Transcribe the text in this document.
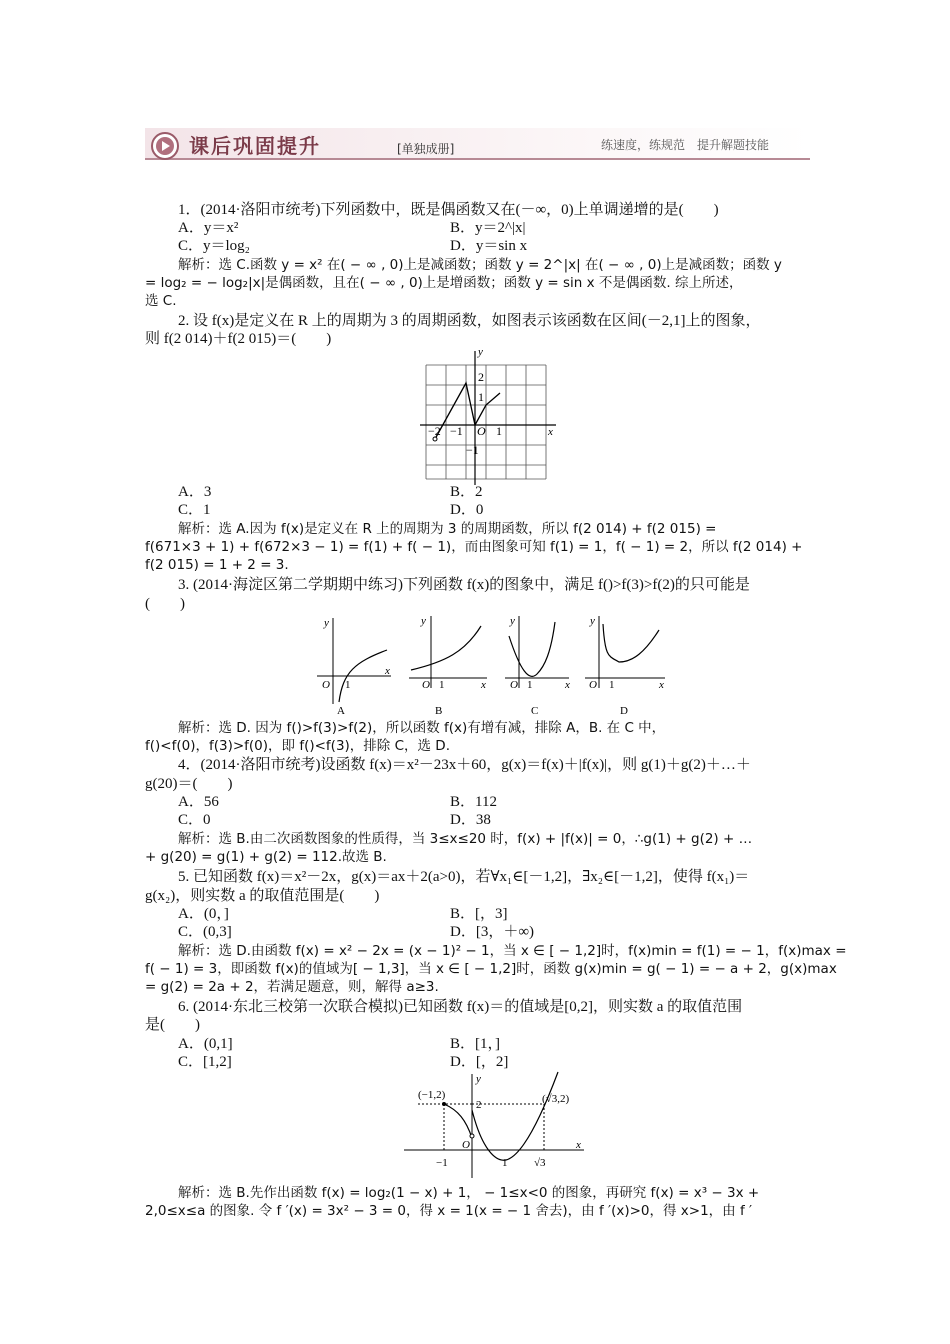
课后巩固提升	[单独成册]	练速度，练规范　提升解题技能
1．(2014·洛阳市统考)下列函数中，既是偶函数又在(－∞，0)上单调递增的是(　　)
A．y＝x²	B．y＝2^|x|
C．y＝log₂	D．y＝sin x
解析：选 C.函数 y = x² 在( − ∞ , 0)上是减函数；函数 y = 2^|x| 在( − ∞ , 0)上是减函数；函数 y
= log₂ = − log₂|x|是偶函数，且在( − ∞ , 0)上是增函数；函数 y = sin x 不是偶函数. 综上所述，
选 C.
2. 设 f(x)是定义在 R 上的周期为 3 的周期函数，如图表示该函数在区间(－2,1]上的图象，
则 f(2 014)＋f(2 015)＝(　　)
y
x
O
2
1
−1
−2 −1	1
A．3	B．2
C．1	D．0
解析：选 A.因为 f(x)是定义在 R 上的周期为 3 的周期函数，所以 f(2 014) + f(2 015) =
f(671×3 + 1) + f(672×3 − 1) = f(1) + f( − 1)，而由图象可知 f(1) = 1，f( − 1) = 2，所以 f(2 014) +
f(2 015) = 1 + 2 = 3.
3. (2014·海淀区第二学期期中练习)下列函数 f(x)的图象中，满足 f()>f(3)>f(2)的只可能是
(　　)
y
x
O 1
A
y
x
O 1
B
y
x
O 1
C
y
x
O 1
D
解析：选 D. 因为 f()>f(3)>f(2)，所以函数 f(x)有增有减，排除 A，B. 在 C 中，
f()<f(0)，f(3)>f(0)，即 f()<f(3)，排除 C，选 D.
4．(2014·洛阳市统考)设函数 f(x)＝x²－23x＋60，g(x)＝f(x)＋|f(x)|，则 g(1)＋g(2)＋…＋
g(20)＝(　　)
A．56	B．112
C．0	D．38
解析：选 B.由二次函数图象的性质得，当 3≤x≤20 时，f(x) + |f(x)| = 0，∴g(1) + g(2) + …
+ g(20) = g(1) + g(2) = 112.故选 B.
5. 已知函数 f(x)＝x²－2x，g(x)＝ax＋2(a>0)，若∀x₁∈[－1,2]，∃x₂∈[－1,2]，使得 f(x₁)＝
g(x₂)，则实数 a 的取值范围是(　　)
A．(0，]	B．[，3]
C．(0,3]	D．[3，＋∞)
解析：选 D.由函数 f(x) = x² − 2x = (x − 1)² − 1，当 x ∈ [ − 1,2]时，f(x)min = f(1) = − 1，f(x)max =
f( − 1) = 3，即函数 f(x)的值域为[ − 1,3]，当 x ∈ [ − 1,2]时，函数 g(x)min = g( − 1) = − a + 2，g(x)max
= g(2) = 2a + 2，若满足题意，则，解得 a≥3.
6. (2014·东北三校第一次联合模拟)已知函数 f(x)＝的值域是[0,2]，则实数 a 的取值范围
是(　　)
A．(0,1]	B．[1，]
C．[1,2]	D．[，2]
(−1,2)	(√3,2)
y
x
O
2
−1	1 √3
解析：选 B.先作出函数 f(x) = log₂(1 − x) + 1， − 1≤x<0 的图象，再研究 f(x) = x³ − 3x +
2,0≤x≤a 的图象. 令 f ′(x) = 3x² − 3 = 0，得 x = 1(x = − 1 舍去)，由 f ′(x)>0，得 x>1，由 f ′
